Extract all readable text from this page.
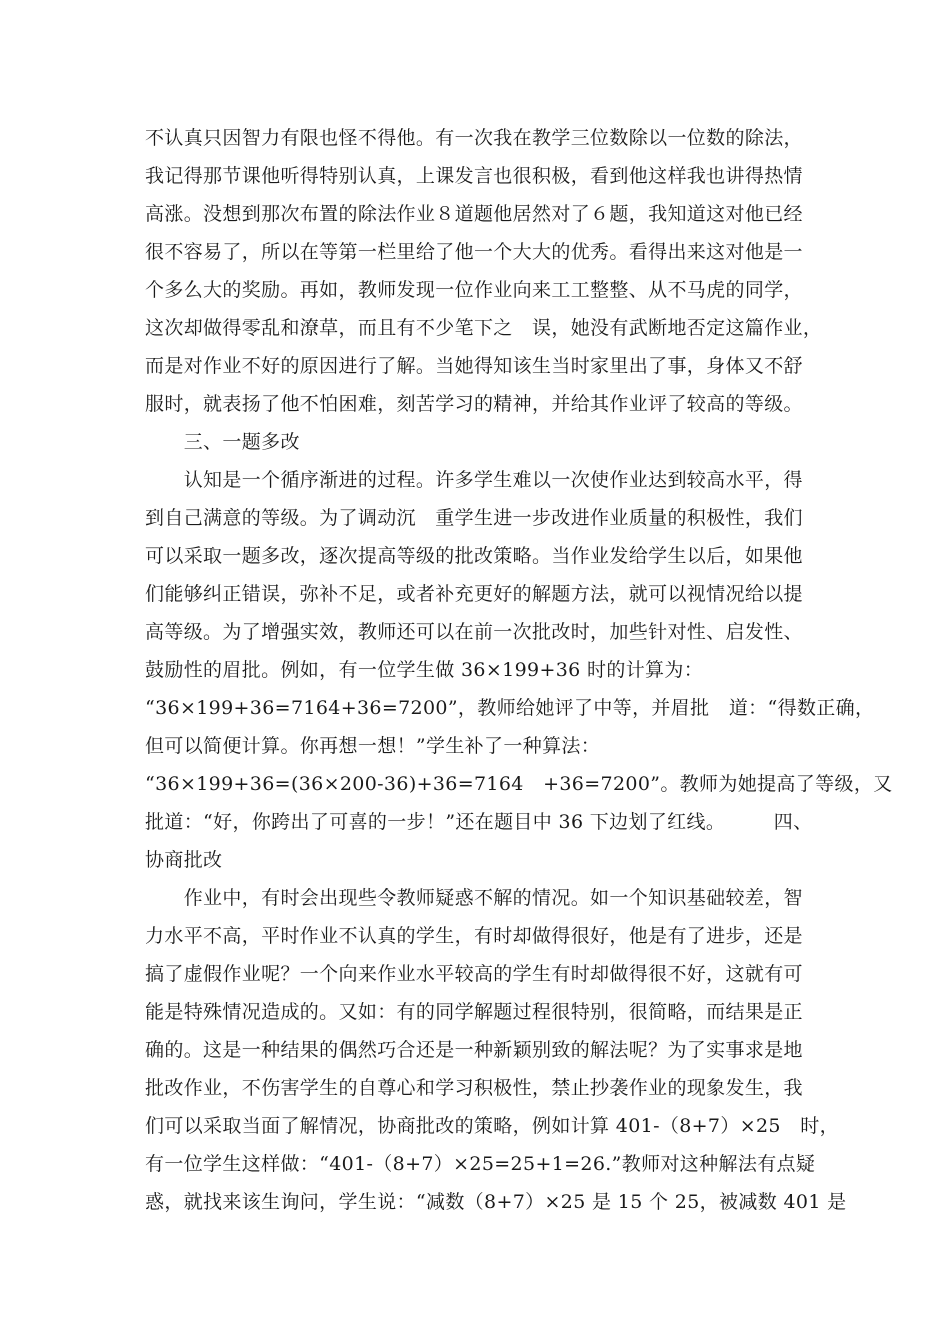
不认真只因智力有限也怪不得他。有一次我在教学三位数除以一位数的除法，
我记得那节课他听得特别认真，上课发言也很积极，看到他这样我也讲得热情
高涨。没想到那次布置的除法作业８道题他居然对了６题，我知道这对他已经
很不容易了，所以在等第一栏里给了他一个大大的优秀。看得出来这对他是一
个多么大的奖励。再如，教师发现一位作业向来工工整整、从不马虎的同学，
这次却做得零乱和潦草，而且有不少笔下之　误，她没有武断地否定这篇作业，
而是对作业不好的原因进行了解。当她得知该生当时家里出了事，身体又不舒
服时，就表扬了他不怕困难，刻苦学习的精神，并给其作业评了较高的等级。
　　三、一题多改
　　认知是一个循序渐进的过程。许多学生难以一次使作业达到较高水平，得
到自己满意的等级。为了调动沉　重学生进一步改进作业质量的积极性，我们
可以采取一题多改，逐次提高等级的批改策略。当作业发给学生以后，如果他
们能够纠正错误，弥补不足，或者补充更好的解题方法，就可以视情况给以提
高等级。为了增强实效，教师还可以在前一次批改时，加些针对性、启发性、
鼓励性的眉批。例如，有一位学生做 36×199+36 时的计算为：
“36×199+36=7164+36=7200”，教师给她评了中等，并眉批　道：“得数正确，
但可以简便计算。你再想一想！”学生补了一种算法：
“36×199+36=(36×200-36)+36=7164　+36=7200”。教师为她提高了等级，又
批道：“好，你跨出了可喜的一步！”还在题目中 36 下边划了红线。　　　四、
协商批改
　　作业中，有时会出现些令教师疑惑不解的情况。如一个知识基础较差，智
力水平不高，平时作业不认真的学生，有时却做得很好，他是有了进步，还是
搞了虚假作业呢？一个向来作业水平较高的学生有时却做得很不好，这就有可
能是特殊情况造成的。又如：有的同学解题过程很特别，很简略，而结果是正
确的。这是一种结果的偶然巧合还是一种新颖别致的解法呢？为了实事求是地
批改作业，不伤害学生的自尊心和学习积极性，禁止抄袭作业的现象发生，我
们可以采取当面了解情况，协商批改的策略，例如计算 401-（8+7）×25　时，
有一位学生这样做：“401-（8+7）×25=25+1=26.”教师对这种解法有点疑
惑，就找来该生询问，学生说：“减数（8+7）×25 是 15 个 25，被减数 401 是
